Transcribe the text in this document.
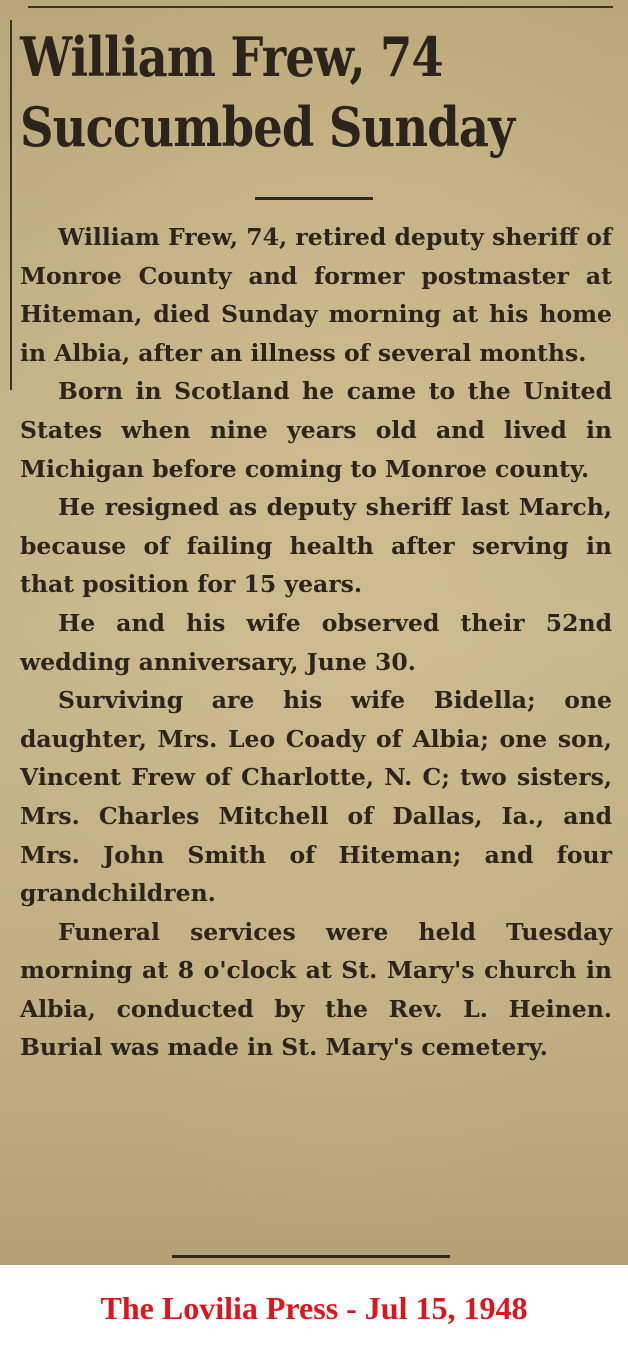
William Frew, 74
Succumbed Sunday

William Frew, 74, retired deputy sheriff of Monroe County and former postmaster at Hiteman, died Sunday morning at his home in Albia, after an illness of several months.

Born in Scotland he came to the United States when nine years old and lived in Michigan before coming to Monroe county.

He resigned as deputy sheriff last March, because of failing health after serving in that position for 15 years.

He and his wife observed their 52nd wedding anniversary, June 30.

Surviving are his wife Bidella; one daughter, Mrs. Leo Coady of Albia; one son, Vincent Frew of Charlotte, N. C; two sisters, Mrs. Charles Mitchell of Dallas, Ia., and Mrs. John Smith of Hiteman; and four grandchildren.

Funeral services were held Tuesday morning at 8 o'clock at St. Mary's church in Albia, conducted by the Rev. L. Heinen. Burial was made in St. Mary's cemetery.

The Lovilia Press - Jul 15, 1948
